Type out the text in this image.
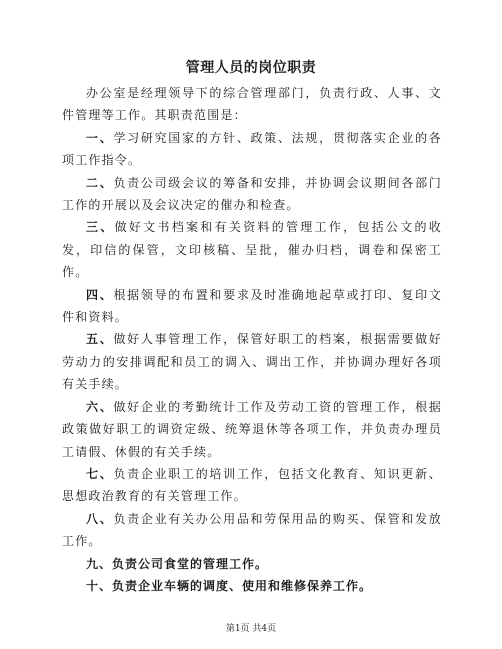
管理人员的岗位职责

办公室是经理领导下的综合管理部门，负责行政、人事、文件管理等工作。其职责范围是：

一、学习研究国家的方针、政策、法规，贯彻落实企业的各项工作指令。

二、负责公司级会议的筹备和安排，并协调会议期间各部门工作的开展以及会议决定的催办和检查。

三、做好文书档案和有关资料的管理工作，包括公文的收发，印信的保管，文印核稿、呈批，催办归档，调卷和保密工作。

四、根据领导的布置和要求及时准确地起草或打印、复印文件和资料。

五、做好人事管理工作，保管好职工的档案，根据需要做好劳动力的安排调配和员工的调入、调出工作，并协调办理好各项有关手续。

六、做好企业的考勤统计工作及劳动工资的管理工作，根据政策做好职工的调资定级、统筹退休等各项工作，并负责办理员工请假、休假的有关手续。

七、负责企业职工的培训工作，包括文化教育、知识更新、思想政治教育的有关管理工作。

八、负责企业有关办公用品和劳保用品的购买、保管和发放工作。

九、负责公司食堂的管理工作。

十、负责企业车辆的调度、使用和维修保养工作。

第1页 共4页
